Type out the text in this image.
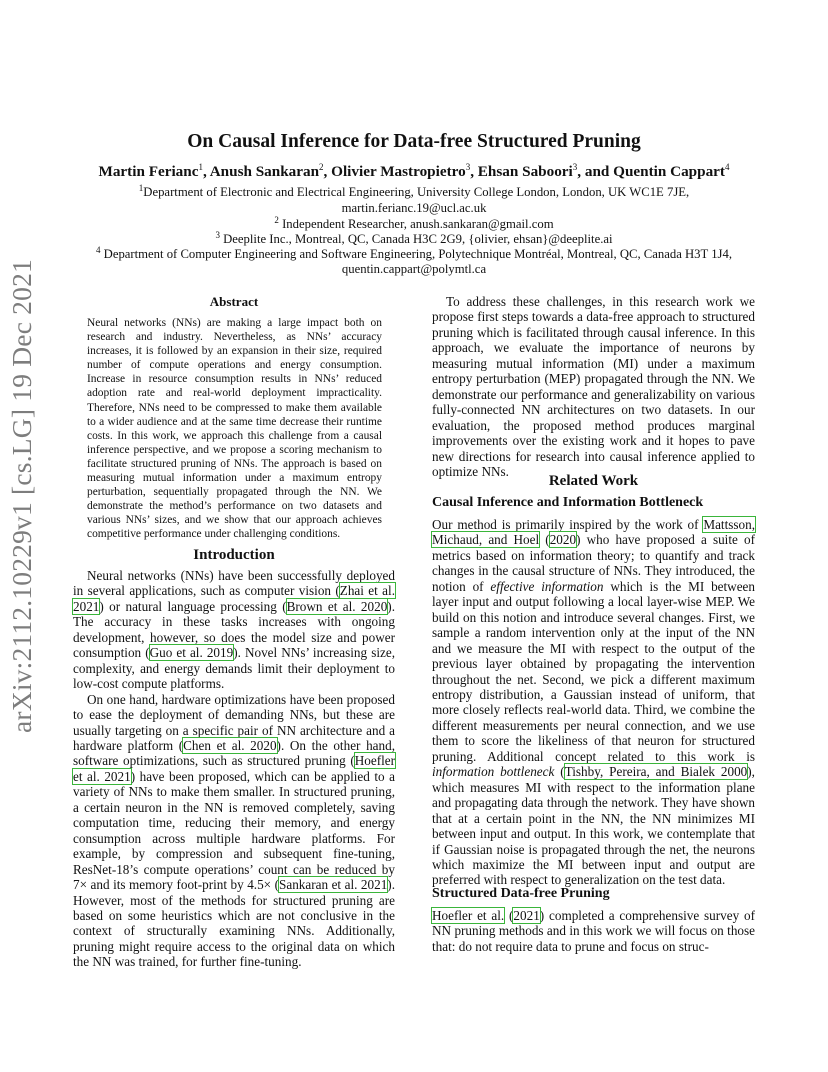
On Causal Inference for Data-free Structured Pruning
Martin Ferianc$^1$, Anush Sankaran$^2$, Olivier Mastropietro$^3$, Ehsan Saboori$^3$, and Quentin Cappart$^4$
$^1$Department of Electronic and Electrical Engineering, University College London, London, UK WC1E 7JE,
martin.ferianc.19@ucl.ac.uk
$^2$ Independent Researcher, anush.sankaran@gmail.com
$^3$ Deeplite Inc., Montreal, QC, Canada H3C 2G9, {olivier, ehsan}@deeplite.ai
$^4$ Department of Computer Engineering and Software Engineering, Polytechnique Montréal, Montreal, QC, Canada H3T 1J4,
quentin.cappart@polymtl.ca
arXiv:2112.10229v1 [cs.LG] 19 Dec 2021	Abstract
Neural networks (NNs) are making a large impact both on research and industry. Nevertheless, as NNs’ accuracy increases, it is followed by an expansion in their size, required number of compute operations and energy consumption. Increase in resource consumption results in NNs’ reduced adoption rate and real-world deployment impracticality. Therefore, NNs need to be compressed to make them available to a wider audience and at the same time decrease their runtime costs. In this work, we approach this challenge from a causal inference perspective, and we propose a scoring mechanism to facilitate structured pruning of NNs. The approach is based on measuring mutual information under a maximum entropy perturbation, sequentially propagated through the NN. We demonstrate the method’s performance on two datasets and various NNs’ sizes, and we show that our approach achieves competitive performance under challenging conditions.
Introduction

Neural networks (NNs) have been successfully deployed in several applications, such as computer vision (Zhai et al. 2021) or natural language processing (Brown et al. 2020). The accuracy in these tasks increases with ongoing development, however, so does the model size and power consumption (Guo et al. 2019). Novel NNs’ increasing size, complexity, and energy demands limit their deployment to low-cost compute platforms.

On one hand, hardware optimizations have been proposed to ease the deployment of demanding NNs, but these are usually targeting on a specific pair of NN architecture and a hardware platform (Chen et al. 2020). On the other hand, software optimizations, such as structured pruning (Hoefler et al. 2021) have been proposed, which can be applied to a variety of NNs to make them smaller. In structured pruning, a certain neuron in the NN is removed completely, saving computation time, reducing their memory, and energy consumption across multiple hardware platforms. For example, by compression and subsequent fine-tuning, ResNet-18’s compute operations’ count can be reduced by 7× and its memory foot-print by 4.5× (Sankaran et al. 2021). However, most of the methods for structured pruning are based on some heuristics which are not conclusive in the context of structurally examining NNs. Additionally, pruning might require access to the original data on which the NN was trained, for further fine-tuning.

To address these challenges, in this research work we propose first steps towards a data-free approach to structured pruning which is facilitated through causal inference. In this approach, we evaluate the importance of neurons by measuring mutual information (MI) under a maximum entropy perturbation (MEP) propagated through the NN. We demonstrate our performance and generalizability on various fully-connected NN architectures on two datasets. In our evaluation, the proposed method produces marginal improvements over the existing work and it hopes to pave new directions for research into causal inference applied to optimize NNs.

Related Work
Causal Inference and Information Bottleneck

Our method is primarily inspired by the work of Mattsson, Michaud, and Hoel (2020) who have proposed a suite of metrics based on information theory; to quantify and track changes in the causal structure of NNs. They introduced, the notion of effective information which is the MI between layer input and output following a local layer-wise MEP. We build on this notion and introduce several changes. First, we sample a random intervention only at the input of the NN and we measure the MI with respect to the output of the previous layer obtained by propagating the intervention throughout the net. Second, we pick a different maximum entropy distribution, a Gaussian instead of uniform, that more closely reflects real-world data. Third, we combine the different measurements per neural connection, and we use them to score the likeliness of that neuron for structured pruning. Additional concept related to this work is information bottleneck (Tishby, Pereira, and Bialek 2000), which measures MI with respect to the information plane and propagating data through the network. They have shown that at a certain point in the NN, the NN minimizes MI between input and output. In this work, we contemplate that if Gaussian noise is propagated through the net, the neurons which maximize the MI between input and output are preferred with respect to generalization on the test data.

Structured Data-free Pruning

Hoefler et al. (2021) completed a comprehensive survey of NN pruning methods and in this work we will focus on those that: do not require data to prune and focus on struc-
